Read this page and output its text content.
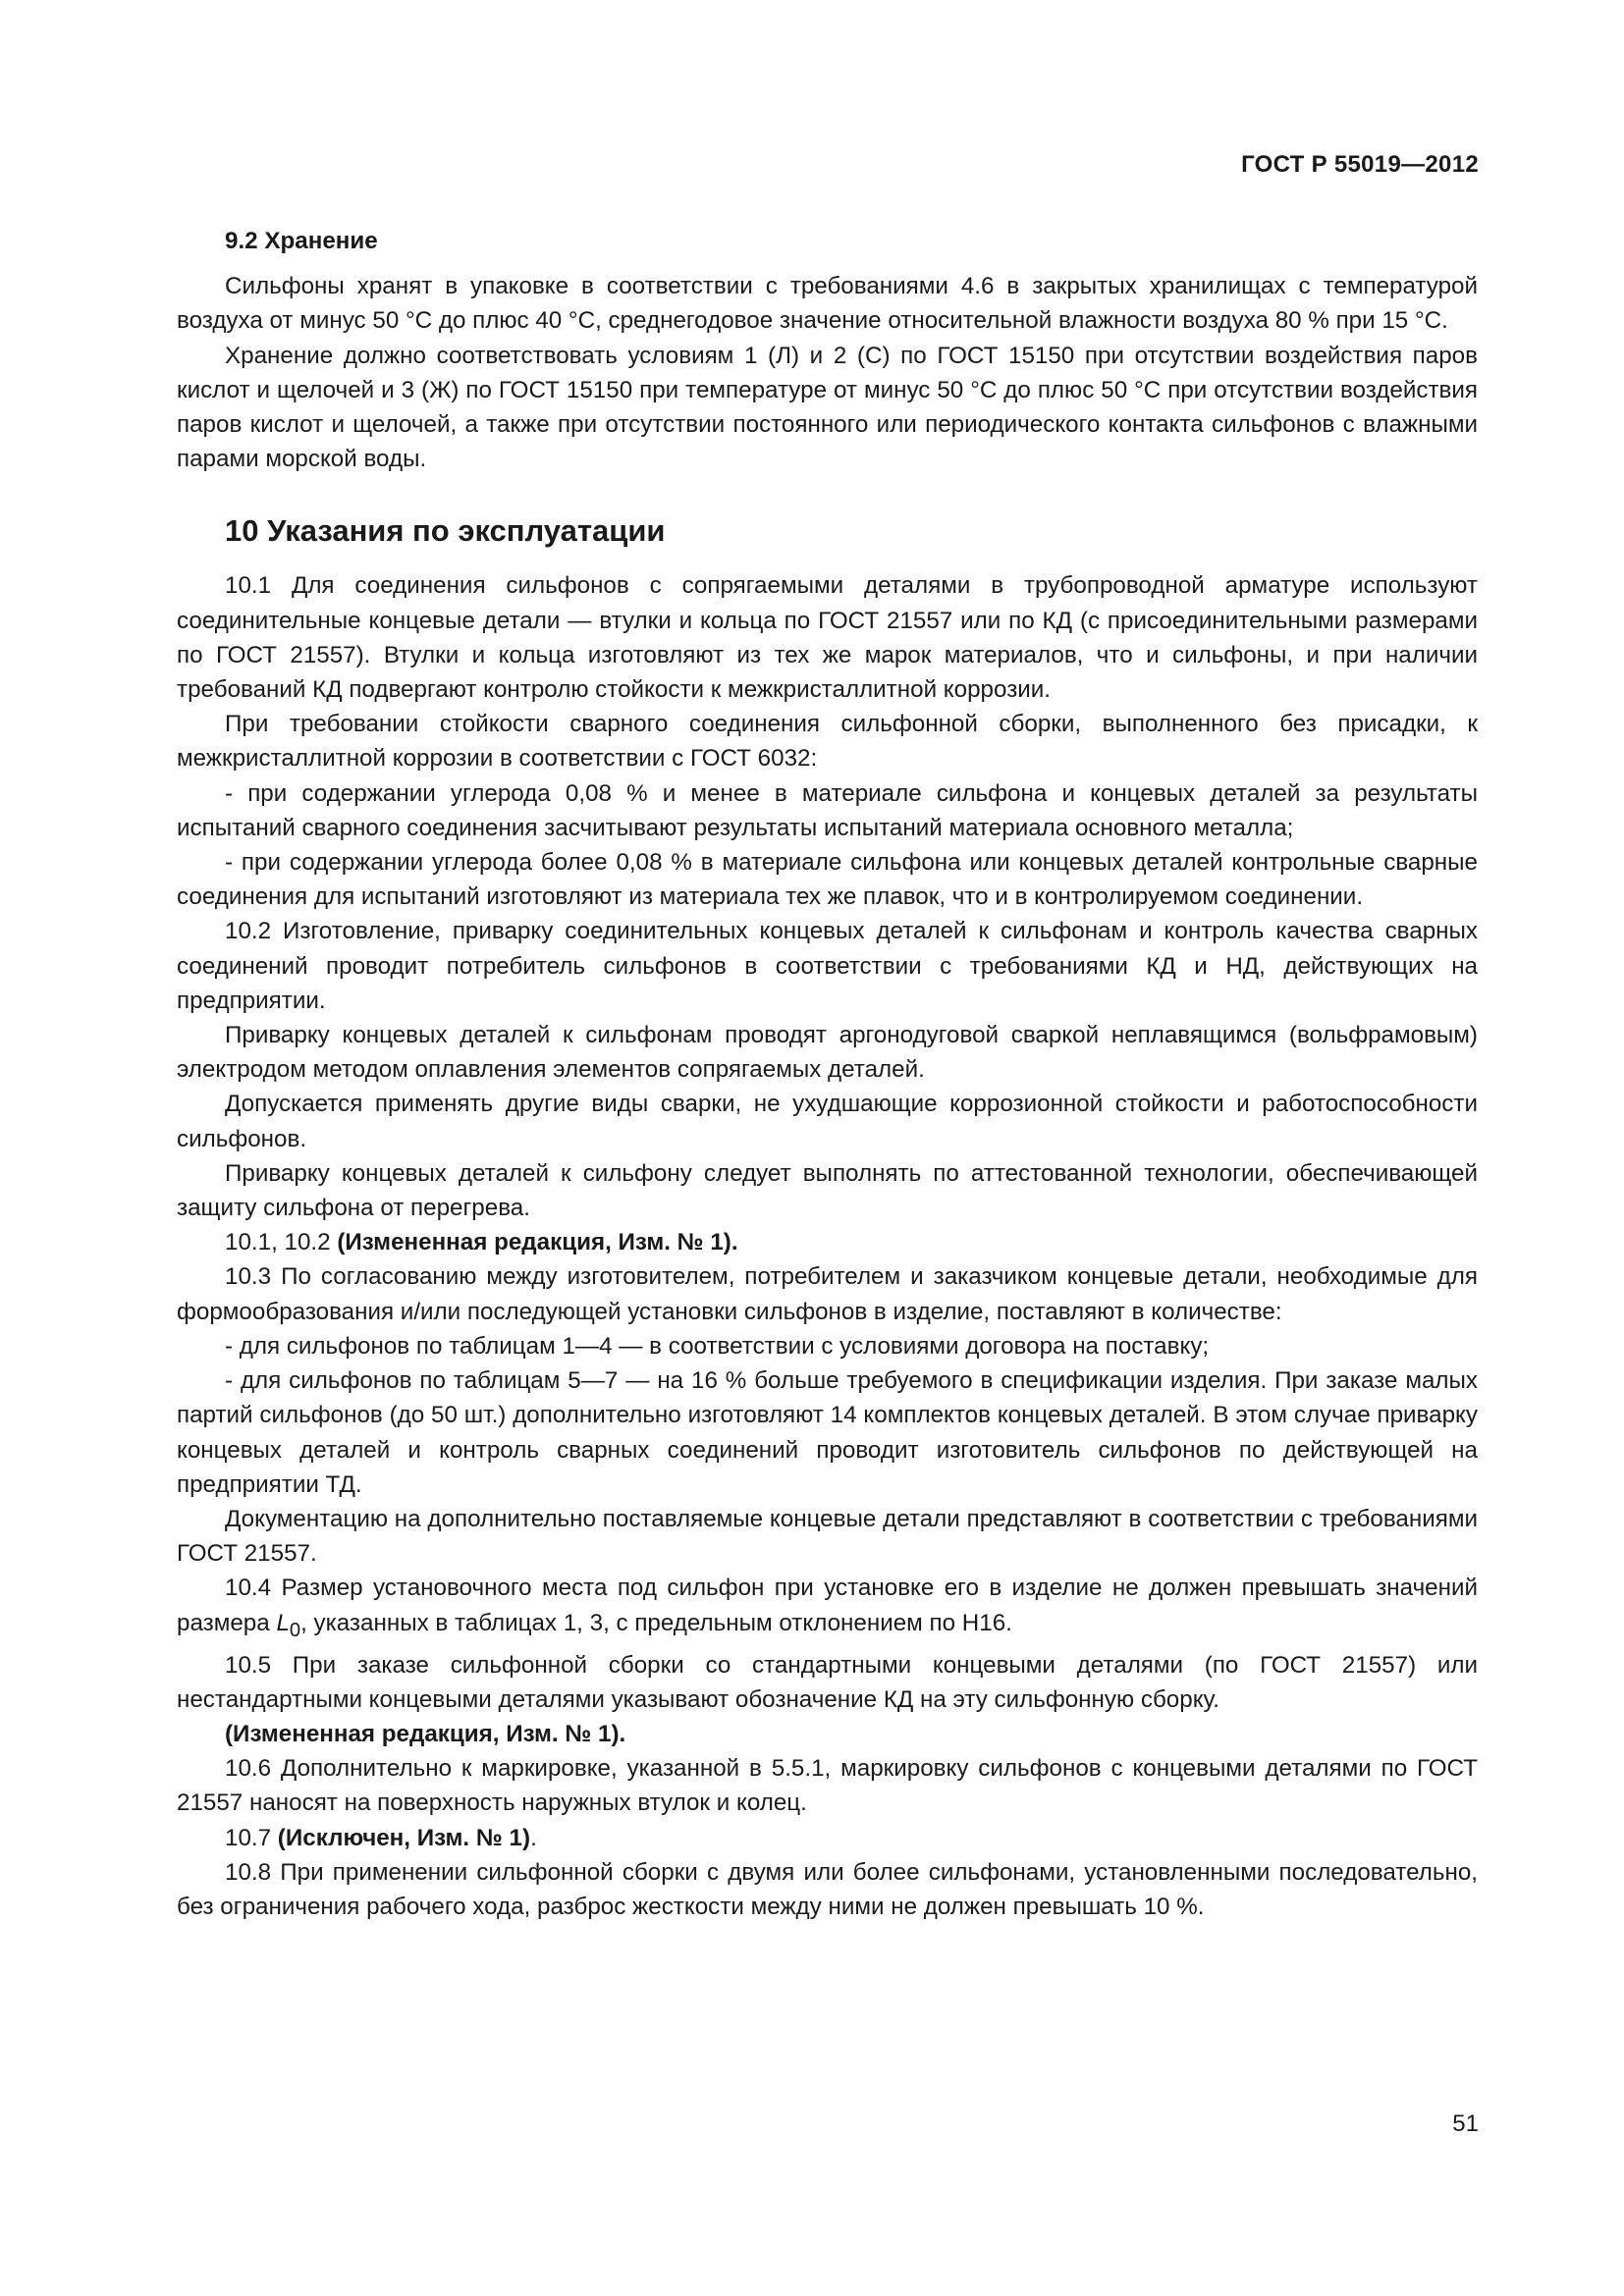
ГОСТ Р 55019—2012
9.2 Хранение

Сильфоны хранят в упаковке в соответствии с требованиями 4.6 в закрытых хранилищах с температурой воздуха от минус 50 °С до плюс 40 °С, среднегодовое значение относительной влажности воздуха 80 % при 15 °С.

Хранение должно соответствовать условиям 1 (Л) и 2 (С) по ГОСТ 15150 при отсутствии воздействия паров кислот и щелочей и 3 (Ж) по ГОСТ 15150 при температуре от минус 50 °С до плюс 50 °С при отсутствии воздействия паров кислот и щелочей, а также при отсутствии постоянного или периодического контакта сильфонов с влажными парами морской воды.

10 Указания по эксплуатации

10.1 Для соединения сильфонов с сопрягаемыми деталями в трубопроводной арматуре используют соединительные концевые детали — втулки и кольца по ГОСТ 21557 или по КД (с присоединительными размерами по ГОСТ 21557). Втулки и кольца изготовляют из тех же марок материалов, что и сильфоны, и при наличии требований КД подвергают контролю стойкости к межкристаллитной коррозии.

При требовании стойкости сварного соединения сильфонной сборки, выполненного без присадки, к межкристаллитной коррозии в соответствии с ГОСТ 6032:

- при содержании углерода 0,08 % и менее в материале сильфона и концевых деталей за результаты испытаний сварного соединения засчитывают результаты испытаний материала основного металла;

- при содержании углерода более 0,08 % в материале сильфона или концевых деталей контрольные сварные соединения для испытаний изготовляют из материала тех же плавок, что и в контролируемом соединении.

10.2 Изготовление, приварку соединительных концевых деталей к сильфонам и контроль качества сварных соединений проводит потребитель сильфонов в соответствии с требованиями КД и НД, действующих на предприятии.

Приварку концевых деталей к сильфонам проводят аргонодуговой сваркой неплавящимся (вольфрамовым) электродом методом оплавления элементов сопрягаемых деталей.

Допускается применять другие виды сварки, не ухудшающие коррозионной стойкости и работоспособности сильфонов.

Приварку концевых деталей к сильфону следует выполнять по аттестованной технологии, обеспечивающей защиту сильфона от перегрева.

10.1, 10.2 (Измененная редакция, Изм. № 1).

10.3 По согласованию между изготовителем, потребителем и заказчиком концевые детали, необходимые для формообразования и/или последующей установки сильфонов в изделие, поставляют в количестве:

- для сильфонов по таблицам 1—4 — в соответствии с условиями договора на поставку;

- для сильфонов по таблицам 5—7 — на 16 % больше требуемого в спецификации изделия. При заказе малых партий сильфонов (до 50 шт.) дополнительно изготовляют 14 комплектов концевых деталей. В этом случае приварку концевых деталей и контроль сварных соединений проводит изготовитель сильфонов по действующей на предприятии ТД.

Документацию на дополнительно поставляемые концевые детали представляют в соответствии с требованиями ГОСТ 21557.

10.4 Размер установочного места под сильфон при установке его в изделие не должен превышать значений размера $L_0$, указанных в таблицах 1, 3, с предельным отклонением по Н16.

10.5 При заказе сильфонной сборки со стандартными концевыми деталями (по ГОСТ 21557) или нестандартными концевыми деталями указывают обозначение КД на эту сильфонную сборку.

(Измененная редакция, Изм. № 1).

10.6 Дополнительно к маркировке, указанной в 5.5.1, маркировку сильфонов с концевыми деталями по ГОСТ 21557 наносят на поверхность наружных втулок и колец.

10.7 (Исключен, Изм. № 1).

10.8 При применении сильфонной сборки с двумя или более сильфонами, установленными последовательно, без ограничения рабочего хода, разброс жесткости между ними не должен превышать 10 %.

51
